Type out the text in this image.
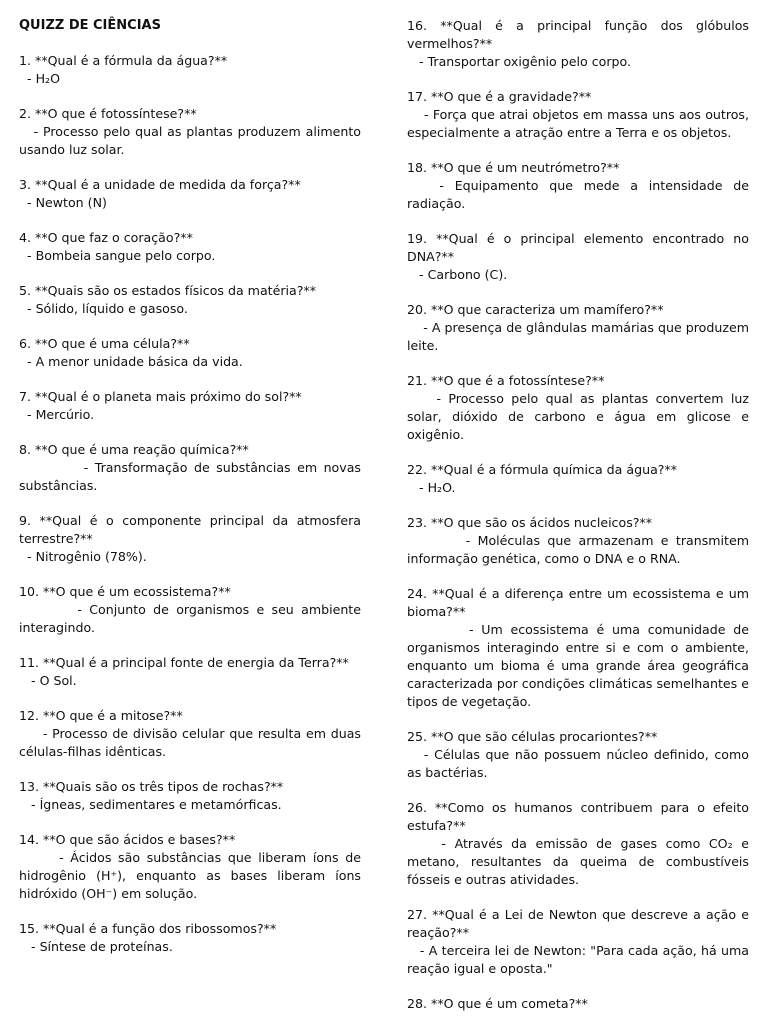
QUIZZ DE CIÊNCIAS
1. **Qual é a fórmula da água?**
- H₂O
2. **O que é fotossíntese?**
- Processo pelo qual as plantas produzem alimento usando luz solar.
3. **Qual é a unidade de medida da força?**
- Newton (N)
4. **O que faz o coração?**
- Bombeia sangue pelo corpo.
5. **Quais são os estados físicos da matéria?**
- Sólido, líquido e gasoso.
6. **O que é uma célula?**
- A menor unidade básica da vida.
7. **Qual é o planeta mais próximo do sol?**
- Mercúrio.
8. **O que é uma reação química?**
- Transformação de substâncias em novas substâncias.
9. **Qual é o componente principal da atmosfera terrestre?**
- Nitrogênio (78%).
10. **O que é um ecossistema?**
- Conjunto de organismos e seu ambiente interagindo.
11. **Qual é a principal fonte de energia da Terra?**
- O Sol.
12. **O que é a mitose?**
- Processo de divisão celular que resulta em duas células-filhas idênticas.
13. **Quais são os três tipos de rochas?**
- Ígneas, sedimentares e metamórficas.
14. **O que são ácidos e bases?**
- Ácidos são substâncias que liberam íons de hidrogênio (H⁺), enquanto as bases liberam íons hidróxido (OH⁻) em solução.
15. **Qual é a função dos ribossomos?**
- Síntese de proteínas.
16. **Qual é a principal função dos glóbulos vermelhos?**
- Transportar oxigênio pelo corpo.
17. **O que é a gravidade?**
- Força que atrai objetos em massa uns aos outros, especialmente a atração entre a Terra e os objetos.
18. **O que é um neutrómetro?**
- Equipamento que mede a intensidade de radiação.
19. **Qual é o principal elemento encontrado no DNA?**
- Carbono (C).
20. **O que caracteriza um mamífero?**
- A presença de glândulas mamárias que produzem leite.
21. **O que é a fotossíntese?**
- Processo pelo qual as plantas convertem luz solar, dióxido de carbono e água em glicose e oxigênio.
22. **Qual é a fórmula química da água?**
- H₂O.
23. **O que são os ácidos nucleicos?**
- Moléculas que armazenam e transmitem informação genética, como o DNA e o RNA.
24. **Qual é a diferença entre um ecossistema e um bioma?**
- Um ecossistema é uma comunidade de organismos interagindo entre si e com o ambiente, enquanto um bioma é uma grande área geográfica caracterizada por condições climáticas semelhantes e tipos de vegetação.
25. **O que são células procariontes?**
- Células que não possuem núcleo definido, como as bactérias.
26. **Como os humanos contribuem para o efeito estufa?**
- Através da emissão de gases como CO₂ e metano, resultantes da queima de combustíveis fósseis e outras atividades.
27. **Qual é a Lei de Newton que descreve a ação e reação?**
- A terceira lei de Newton: "Para cada ação, há uma reação igual e oposta."
28. **O que é um cometa?**
